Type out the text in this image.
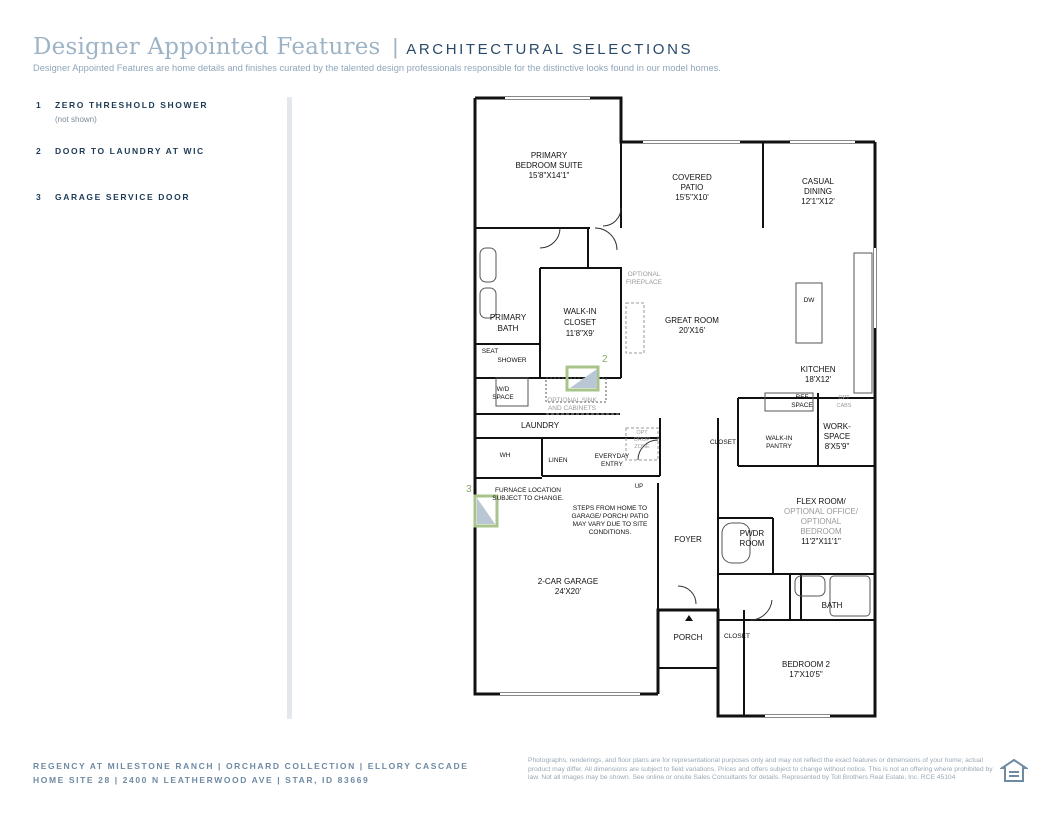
Designer Appointed Features | ARCHITECTURAL SELECTIONS
Designer Appointed Features are home details and finishes curated by the talented design professionals responsible for the distinctive looks found in our model homes.
1 ZERO THRESHOLD SHOWER
(not shown)
2 DOOR TO LAUNDRY AT WIC
3 GARAGE SERVICE DOOR
2
3
PRIMARY
BEDROOM SUITE
15'8"X14'1"	COVERED
PATIO
15'5"X10'
CASUAL
DINING
12'1"X12'
OPTIONAL
FIREPLACE
PRIMARY
BATH
WALK-IN
CLOSET
11'8"X9'
GREAT ROOM
20'X16'
DW
KITCHEN
18'X12'
SEAT
SHOWER
W/D
SPACE	OPTIONAL SINK
AND CABINETS
REF
SPACE
OPT
CABS
LAUNDRY
OPT
DROP
ZONE
CLOSET
WALK-IN
PANTRY
WORK-
SPACE
8'X5'9"
WH
LINEN
EVERYDAY
ENTRY
UP
FURNACE LOCATION
SUBJECT TO CHANGE.
STEPS FROM HOME TO
GARAGE/ PORCH/ PATIO
MAY VARY DUE TO SITE
CONDITIONS.
FLEX ROOM/
OPTIONAL OFFICE/
OPTIONAL
BEDROOM
11'2"X11'1"
FOYER
PWDR
ROOM
2-CAR GARAGE
24'X20'
BATH
PORCH	CLOSET
BEDROOM 2
17'X10'5"
REGENCY AT MILESTONE RANCH | ORCHARD COLLECTION | ELLORY CASCADE
HOME SITE 28 | 2400 N LEATHERWOOD AVE | STAR, ID 83669
Photographs, renderings, and floor plans are for representational purposes only and may not reflect the exact features or dimensions of your home; actual product may differ. All dimensions are subject to field variations. Prices and offers subject to change without notice. This is not an offering where prohibited by law. Not all images may be shown. See online or onsite Sales Consultants for details. Represented by Toll Brothers Real Estate, Inc. RCE 45104
